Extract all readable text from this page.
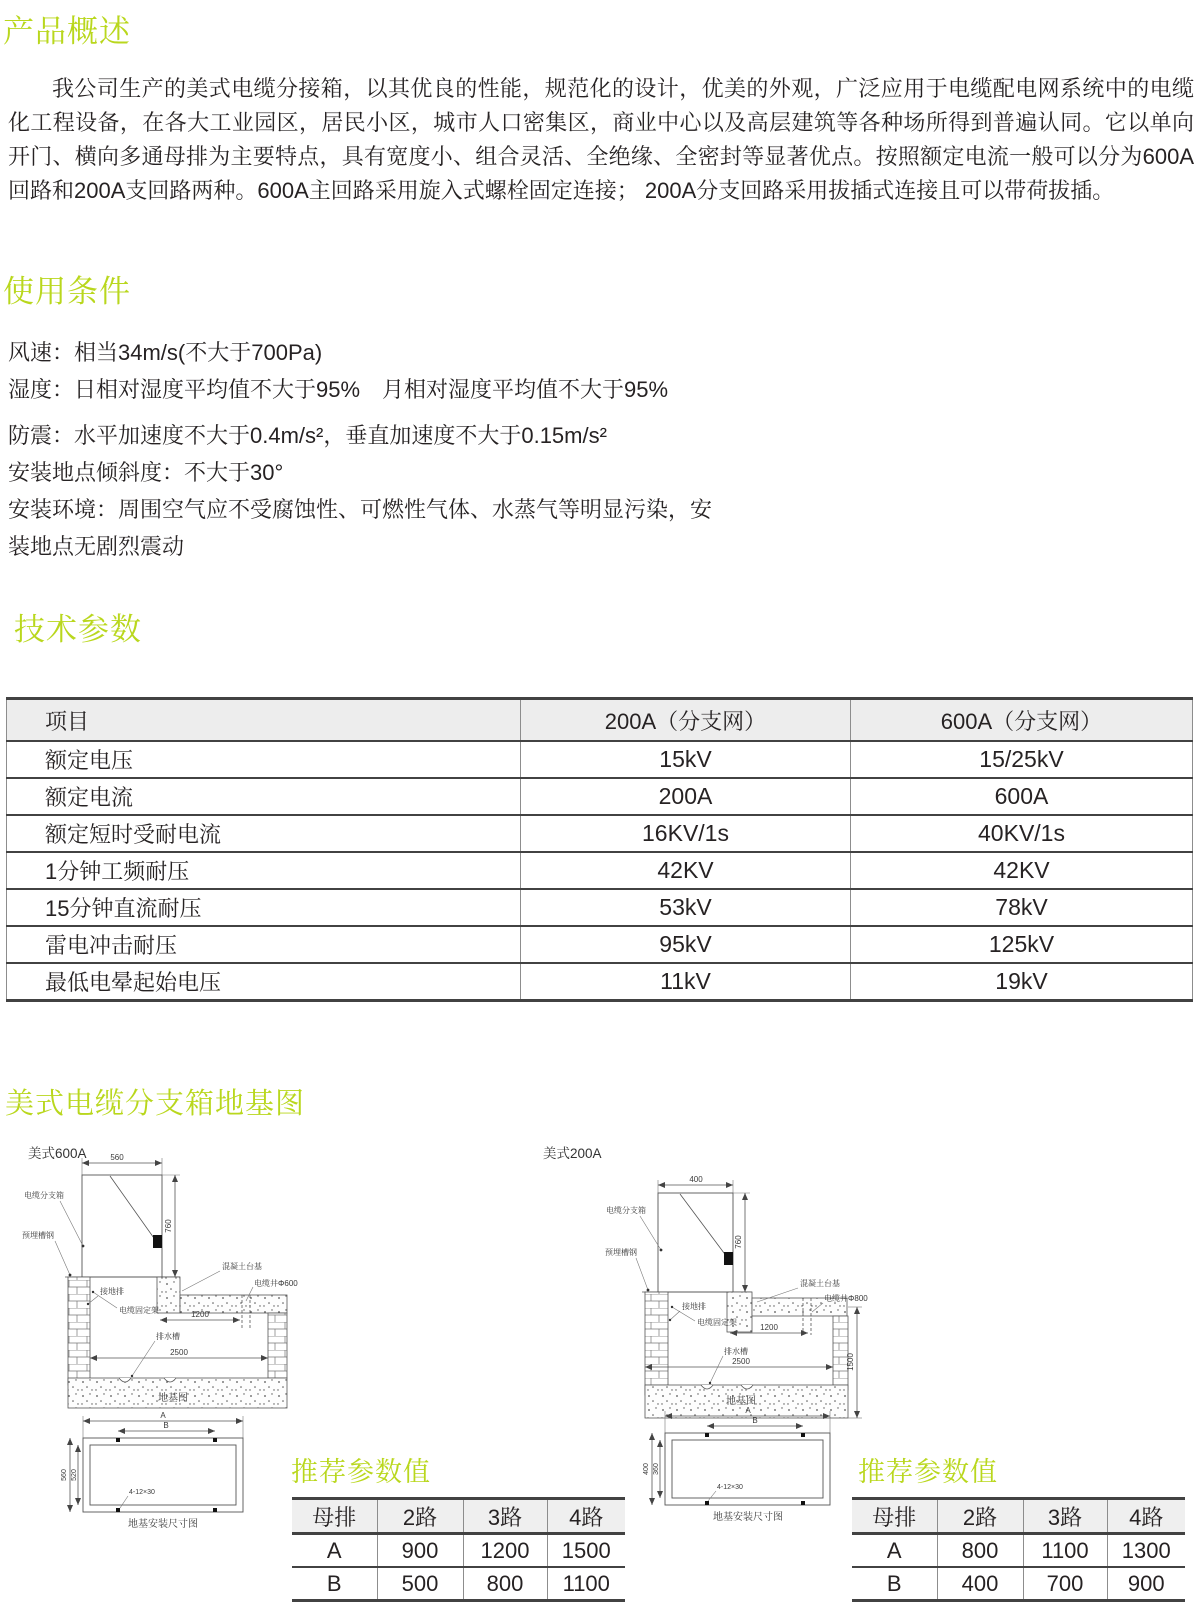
产品概述
我公司生产的美式电缆分接箱，以其优良的性能，规范化的设计，优美的外观，广泛应用于电缆配电网系统中的电缆
化工程设备，在各大工业园区，居民小区，城市人口密集区，商业中心以及高层建筑等各种场所得到普遍认同。它以单向
开门、横向多通母排为主要特点，具有宽度小、组合灵活、全绝缘、全密封等显著优点。按照额定电流一般可以分为600A
回路和200A支回路两种。600A主回路采用旋入式螺栓固定连接； 200A分支回路采用拔插式连接且可以带荷拔插。
使用条件
风速：相当34m/s(不大于700Pa)
湿度：日相对湿度平均值不大于95%　月相对湿度平均值不大于95%
防震：水平加速度不大于0.4m/s²，垂直加速度不大于0.15m/s²
安装地点倾斜度：不大于30°
安装环境：周围空气应不受腐蚀性、可燃性气体、水蒸气等明显污染，安
装地点无剧烈震动
技术参数
项目	200A（分支网）	600A（分支网）
额定电压	15kV	15/25kV
额定电流	200A	600A
额定短时受耐电流	16KV/1s	40KV/1s
1分钟工频耐压	42KV	42KV
15分钟直流耐压	53kV	78kV
雷电冲击耐压	95kV	125kV
最低电晕起始电压	11kV	19kV
美式电缆分支箱地基图
美式600A	美式200A
560
760
1200
2500
电缆分支箱
预埋槽钢
接地排
电缆固定架
混凝土台基
电缆井Φ600
排水槽
地基图
A
B
560 520
4-12×30
地基安装尺寸图
400
760
1200
2500	1500
电缆分支箱
预埋槽钢
接地排
电缆固定架
混凝土台基
电缆井Φ800
排水槽
地基图
A
B
400 360
4-12×30
地基安装尺寸图
推荐参数值
母排	2路	3路	4路
A	900	1200	1500
B	500	800	1100
推荐参数值
母排	2路	3路	4路
A	800	1100	1300
B	400	700	900
